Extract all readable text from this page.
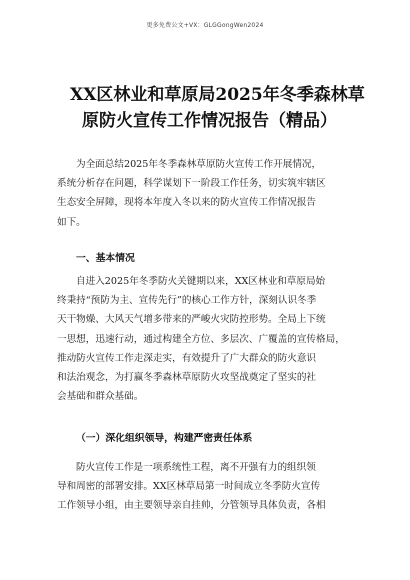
更多免费公文+VX：GLGGongWen2024
XX区林业和草原局2025年冬季森林草
原防火宣传工作情况报告（精品）

为全面总结2025年冬季森林草原防火宣传工作开展情况，
系统分析存在问题，科学谋划下一阶段工作任务，切实筑牢辖区
生态安全屏障，现将本年度入冬以来的防火宣传工作情况报告
如下。

一、基本情况

自进入2025年冬季防火关键期以来，XX区林业和草原局始
终秉持“预防为主、宣传先行”的核心工作方针，深刻认识冬季
天干物燥、大风天气增多带来的严峻火灾防控形势。全局上下统
一思想，迅速行动，通过构建全方位、多层次、广覆盖的宣传格局，
推动防火宣传工作走深走实，有效提升了广大群众的防火意识
和法治观念，为打赢冬季森林草原防火攻坚战奠定了坚实的社
会基础和群众基础。

（一）深化组织领导，构建严密责任体系

防火宣传工作是一项系统性工程，离不开强有力的组织领
导和周密的部署安排。XX区林草局第一时间成立冬季防火宣传
工作领导小组，由主要领导亲自挂帅，分管领导具体负责，各相
